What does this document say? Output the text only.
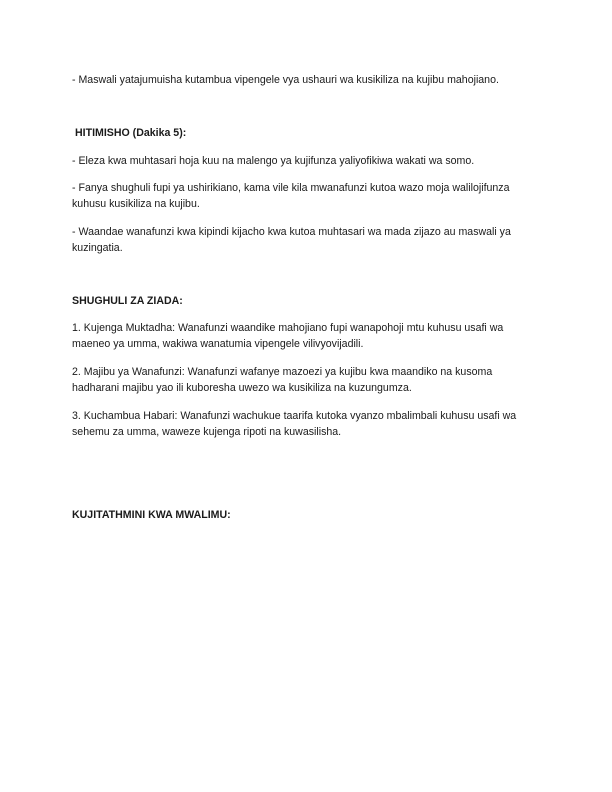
- Maswali yatajumuisha kutambua vipengele vya ushauri wa kusikiliza na kujibu mahojiano.

HITIMISHO (Dakika 5):

- Eleza kwa muhtasari hoja kuu na malengo ya kujifunza yaliyofikiwa wakati wa somo.

- Fanya shughuli fupi ya ushirikiano, kama vile kila mwanafunzi kutoa wazo moja walilojifunza kuhusu kusikiliza na kujibu.

- Waandae wanafunzi kwa kipindi kijacho kwa kutoa muhtasari wa mada zijazo au maswali ya kuzingatia.

SHUGHULI ZA ZIADA:

1. Kujenga Muktadha: Wanafunzi waandike mahojiano fupi wanapohoji mtu kuhusu usafi wa maeneo ya umma, wakiwa wanatumia vipengele vilivyovijadili.

2. Majibu ya Wanafunzi: Wanafunzi wafanye mazoezi ya kujibu kwa maandiko na kusoma hadharani majibu yao ili kuboresha uwezo wa kusikiliza na kuzungumza.

3. Kuchambua Habari: Wanafunzi wachukue taarifa kutoka vyanzo mbalimbali kuhusu usafi wa sehemu za umma, waweze kujenga ripoti na kuwasilisha.

KUJITATHMINI KWA MWALIMU:
